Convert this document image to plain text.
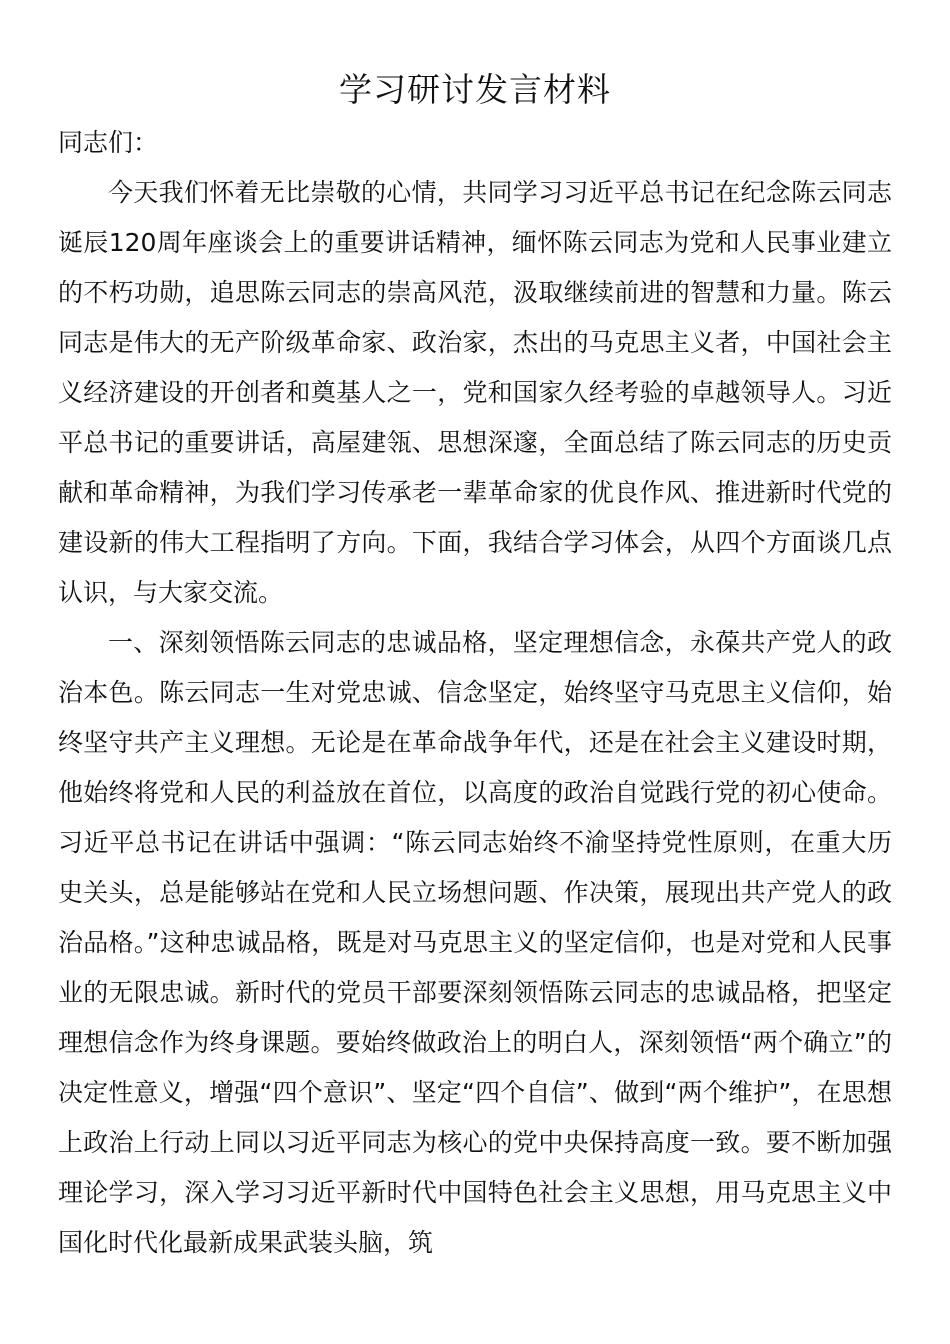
学习研讨发言材料

同志们：

今天我们怀着无比崇敬的心情，共同学习习近平总书记在纪念陈云同志诞辰120周年座谈会上的重要讲话精神，缅怀陈云同志为党和人民事业建立的不朽功勋，追思陈云同志的崇高风范，汲取继续前进的智慧和力量。陈云同志是伟大的无产阶级革命家、政治家，杰出的马克思主义者，中国社会主义经济建设的开创者和奠基人之一，党和国家久经考验的卓越领导人。习近平总书记的重要讲话，高屋建瓴、思想深邃，全面总结了陈云同志的历史贡献和革命精神，为我们学习传承老一辈革命家的优良作风、推进新时代党的建设新的伟大工程指明了方向。下面，我结合学习体会，从四个方面谈几点认识，与大家交流。

一、深刻领悟陈云同志的忠诚品格，坚定理想信念，永葆共产党人的政治本色。陈云同志一生对党忠诚、信念坚定，始终坚守马克思主义信仰，始终坚守共产主义理想。无论是在革命战争年代，还是在社会主义建设时期，他始终将党和人民的利益放在首位，以高度的政治自觉践行党的初心使命。习近平总书记在讲话中强调：“陈云同志始终不渝坚持党性原则，在重大历史关头，总是能够站在党和人民立场想问题、作决策，展现出共产党人的政治品格。”这种忠诚品格，既是对马克思主义的坚定信仰，也是对党和人民事业的无限忠诚。新时代的党员干部要深刻领悟陈云同志的忠诚品格，把坚定理想信念作为终身课题。要始终做政治上的明白人，深刻领悟“两个确立”的决定性意义，增强“四个意识”、坚定“四个自信”、做到“两个维护”，在思想上政治上行动上同以习近平同志为核心的党中央保持高度一致。要不断加强理论学习，深入学习习近平新时代中国特色社会主义思想，用马克思主义中国化时代化最新成果武装头脑，筑
